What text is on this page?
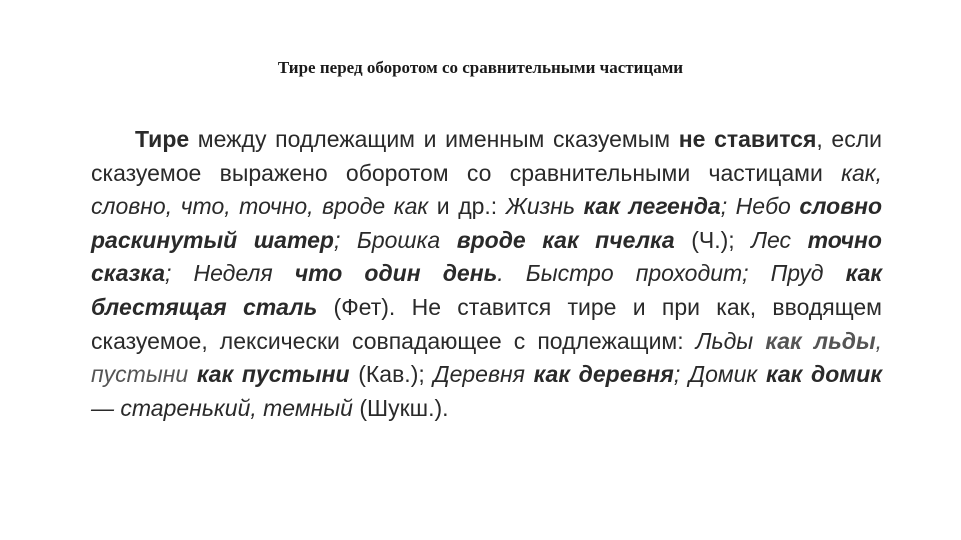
Тире перед оборотом со сравнительными частицами

Тире между подлежащим и именным сказуемым не ставится, если сказуемое выражено оборотом со сравнительными частицами как, словно, что, точно, вроде как и др.: Жизнь как легенда; Небо словно раскинутый шатер; Брошка вроде как пчелка (Ч.); Лес точно сказка; Неделя что один день. Быстро проходит; Пруд как блестящая сталь (Фет). Не ставится тире и при как, вводящем сказуемое, лексически совпадающее с подлежащим: Льды как льды, пустыни как пустыни (Кав.); Деревня как деревня; Домик как домик — старенький, темный (Шукш.).
